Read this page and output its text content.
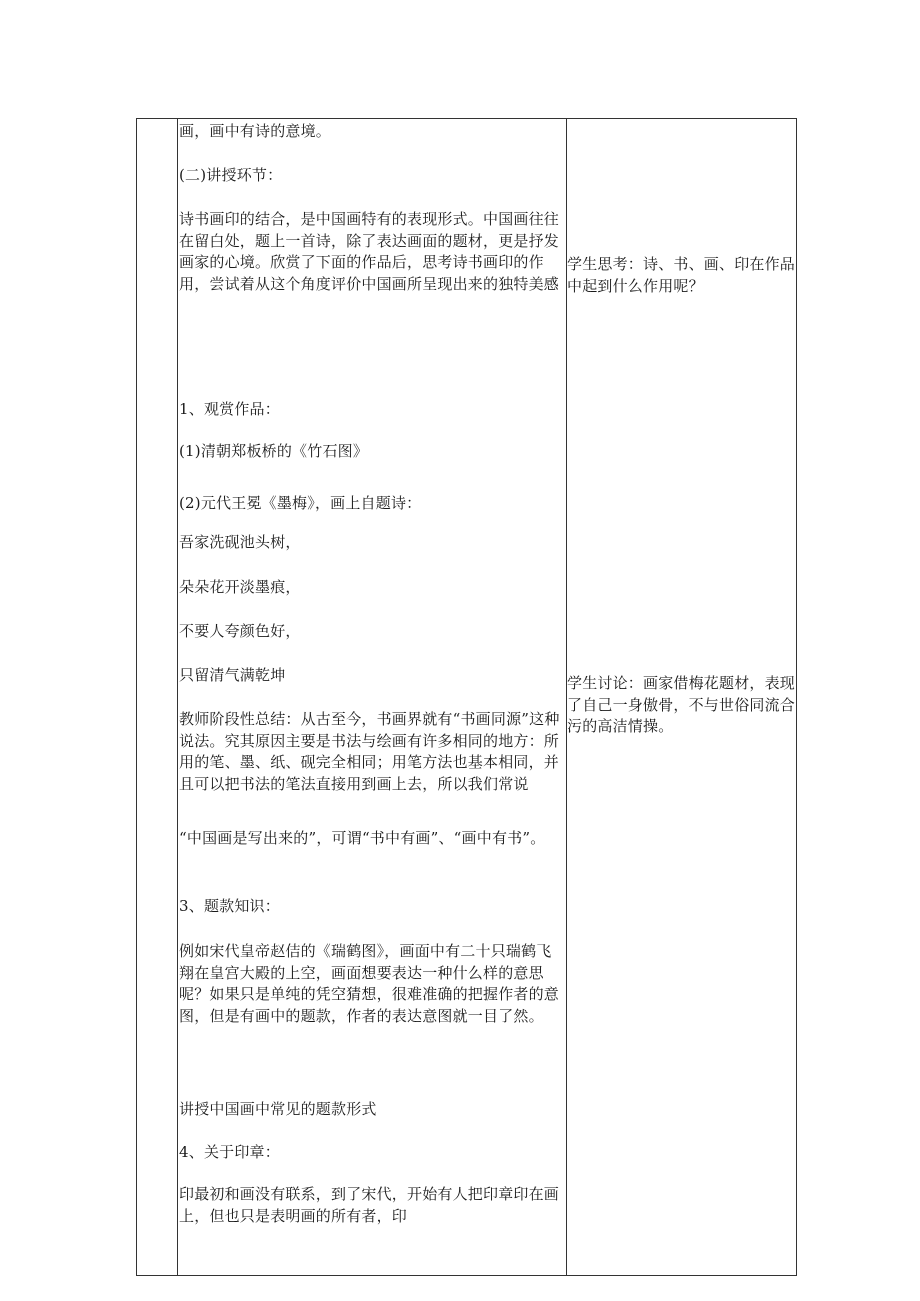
画，画中有诗的意境。
(二)讲授环节：
诗书画印的结合，是中国画特有的表现形式。中国画往往在留白处，题上一首诗，除了表达画面的题材，更是抒发画家的心境。欣赏了下面的作品后，思考诗书画印的作用，尝试着从这个角度评价中国画所呈现出来的独特美感
1、观赏作品：
(1)清朝郑板桥的《竹石图》
(2)元代王冕《墨梅》，画上自题诗：
吾家洗砚池头树，
朵朵花开淡墨痕，
不要人夸颜色好，
只留清气满乾坤
教师阶段性总结：从古至今，书画界就有“书画同源”这种说法。究其原因主要是书法与绘画有许多相同的地方：所用的笔、墨、纸、砚完全相同；用笔方法也基本相同，并且可以把书法的笔法直接用到画上去，所以我们常说
“中国画是写出来的”，可谓“书中有画”、“画中有书”。
3、题款知识：
例如宋代皇帝赵佶的《瑞鹤图》，画面中有二十只瑞鹤飞翔在皇宫大殿的上空，画面想要表达一种什么样的意思呢？如果只是单纯的凭空猜想，很难准确的把握作者的意图，但是有画中的题款，作者的表达意图就一目了然。
讲授中国画中常见的题款形式
4、关于印章：
印最初和画没有联系，到了宋代，开始有人把印章印在画上，但也只是表明画的所有者，印
学生思考：诗、书、画、印在作品中起到什么作用呢？
学生讨论：画家借梅花题材，表现了自己一身傲骨，不与世俗同流合污的高洁情操。
